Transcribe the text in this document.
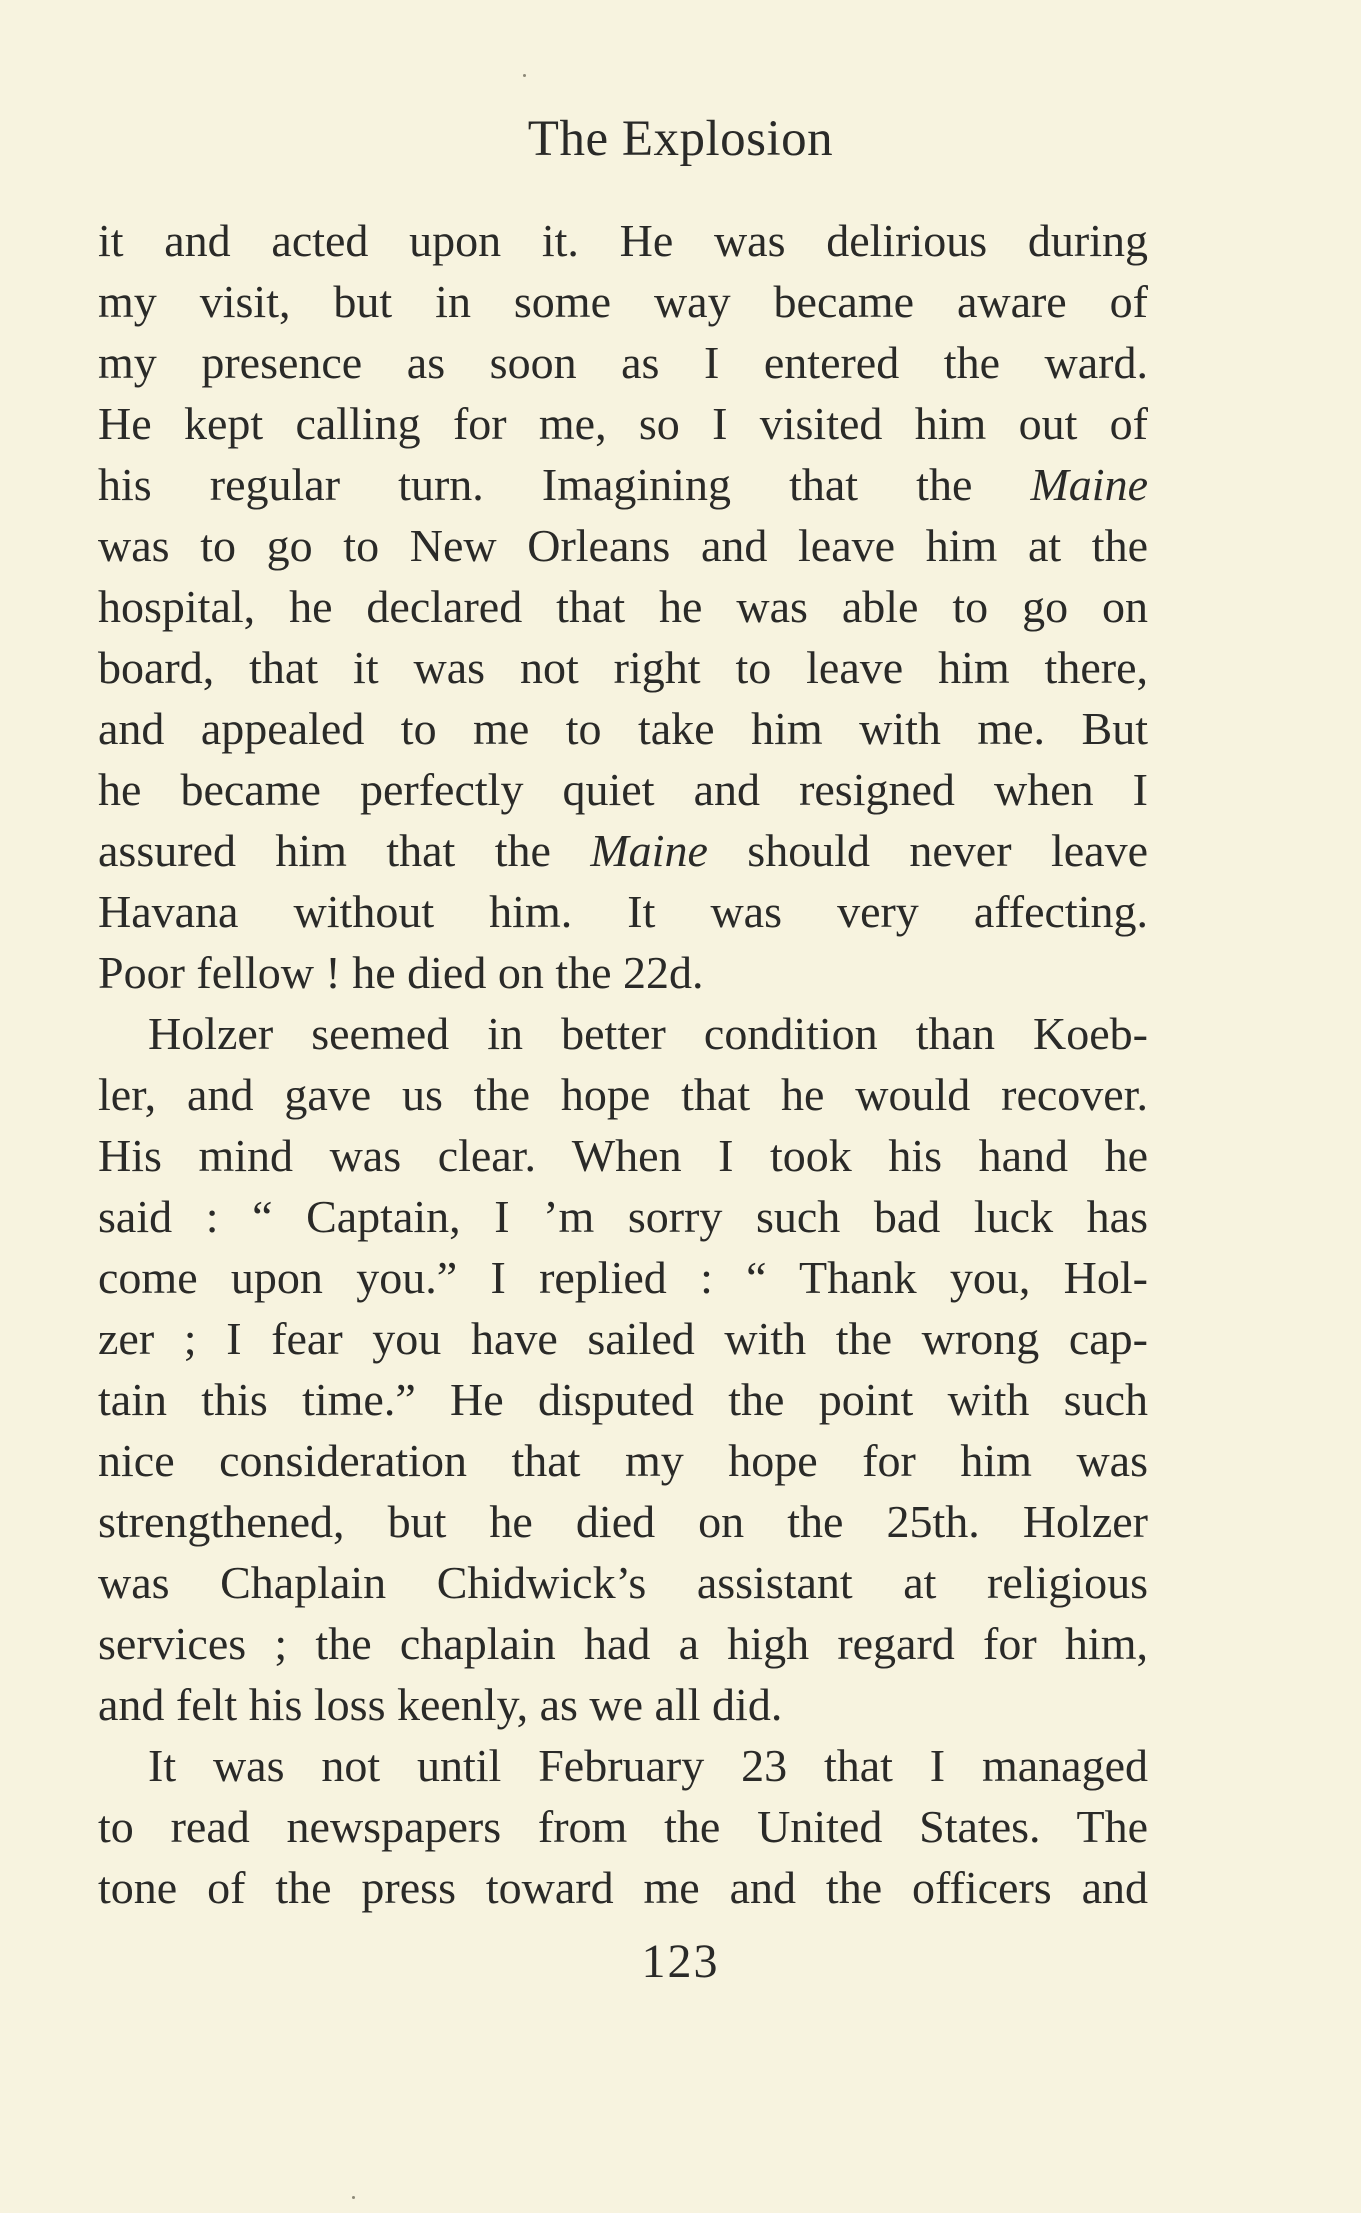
The Explosion
it and acted upon it. He was delirious during
my visit, but in some way became aware of
my presence as soon as I entered the ward.
He kept calling for me, so I visited him out of
his regular turn. Imagining that the Maine
was to go to New Orleans and leave him at the
hospital, he declared that he was able to go on
board, that it was not right to leave him there,
and appealed to me to take him with me. But
he became perfectly quiet and resigned when I
assured him that the Maine should never leave
Havana without him. It was very affecting.
Poor fellow ! he died on the 22d.
Holzer seemed in better condition than Koeb-
ler, and gave us the hope that he would recover.
His mind was clear. When I took his hand he
said : “ Captain, I ’m sorry such bad luck has
come upon you.” I replied : “ Thank you, Hol-
zer ; I fear you have sailed with the wrong cap-
tain this time.” He disputed the point with such
nice consideration that my hope for him was
strengthened, but he died on the 25th. Holzer
was Chaplain Chidwick’s assistant at religious
services ; the chaplain had a high regard for him,
and felt his loss keenly, as we all did.
It was not until February 23 that I managed
to read newspapers from the United States. The
tone of the press toward me and the officers and
123
